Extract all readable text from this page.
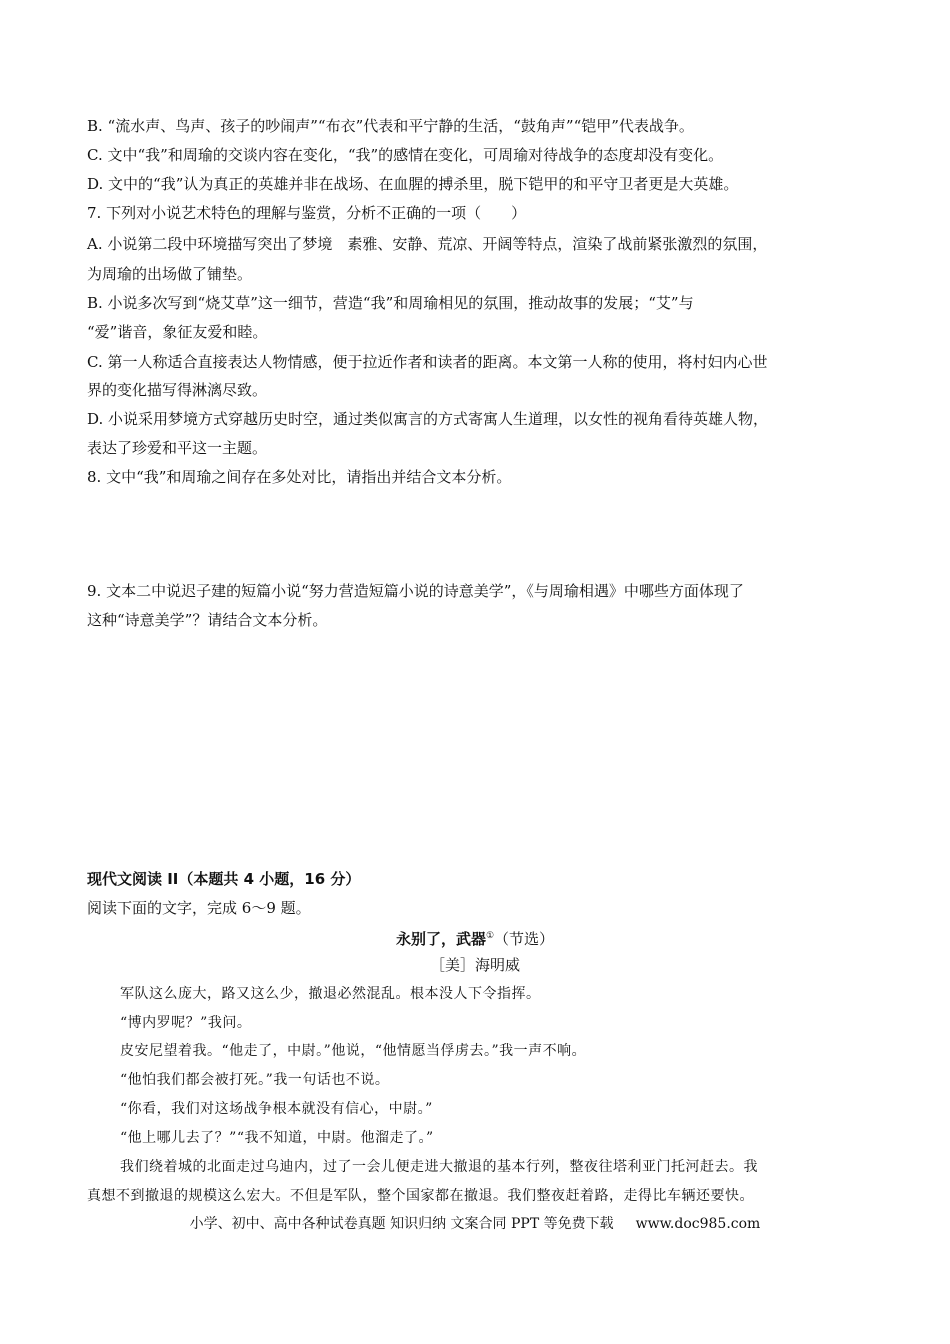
B. “流水声、鸟声、孩子的吵闹声”“布衣”代表和平宁静的生活，“鼓角声”“铠甲”代表战争。
C. 文中“我”和周瑜的交谈内容在变化，“我”的感情在变化，可周瑜对待战争的态度却没有变化。
D. 文中的“我”认为真正的英雄并非在战场、在血腥的搏杀里，脱下铠甲的和平守卫者更是大英雄。
7. 下列对小说艺术特色的理解与鉴赏，分析不正确的一项（　　）
A. 小说第二段中环境描写突出了梦境　素雅、安静、荒凉、开阔等特点，渲染了战前紧张激烈的氛围，
为周瑜的出场做了铺垫。
B. 小说多次写到“烧艾草”这一细节，营造“我”和周瑜相见的氛围，推动故事的发展；“艾”与
“爱”谐音，象征友爱和睦。
C. 第一人称适合直接表达人物情感，便于拉近作者和读者的距离。本文第一人称的使用，将村妇内心世
界的变化描写得淋漓尽致。
D. 小说采用梦境方式穿越历史时空，通过类似寓言的方式寄寓人生道理，以女性的视角看待英雄人物，
表达了珍爱和平这一主题。
8. 文中“我”和周瑜之间存在多处对比，请指出并结合文本分析。
9. 文本二中说迟子建的短篇小说“努力营造短篇小说的诗意美学”，《与周瑜相遇》中哪些方面体现了
这种“诗意美学”？请结合文本分析。
现代文阅读 II（本题共 4 小题，16 分）
阅读下面的文字，完成 6～9 题。
永别了，武器①（节选）
［美］海明威
军队这么庞大，路又这么少，撤退必然混乱。根本没人下令指挥。
“博内罗呢？”我问。
皮安尼望着我。“他走了，中尉。”他说，“他情愿当俘虏去。”我一声不响。
“他怕我们都会被打死。”我一句话也不说。
“你看，我们对这场战争根本就没有信心，中尉。”
“他上哪儿去了？”“我不知道，中尉。他溜走了。”
我们绕着城的北面走过乌迪内，过了一会儿便走进大撤退的基本行列，整夜往塔利亚门托河赶去。我
真想不到撤退的规模这么宏大。不但是军队，整个国家都在撤退。我们整夜赶着路，走得比车辆还要快。
小学、初中、高中各种试卷真题 知识归纳 文案合同 PPT 等免费下载 www.doc985.com
